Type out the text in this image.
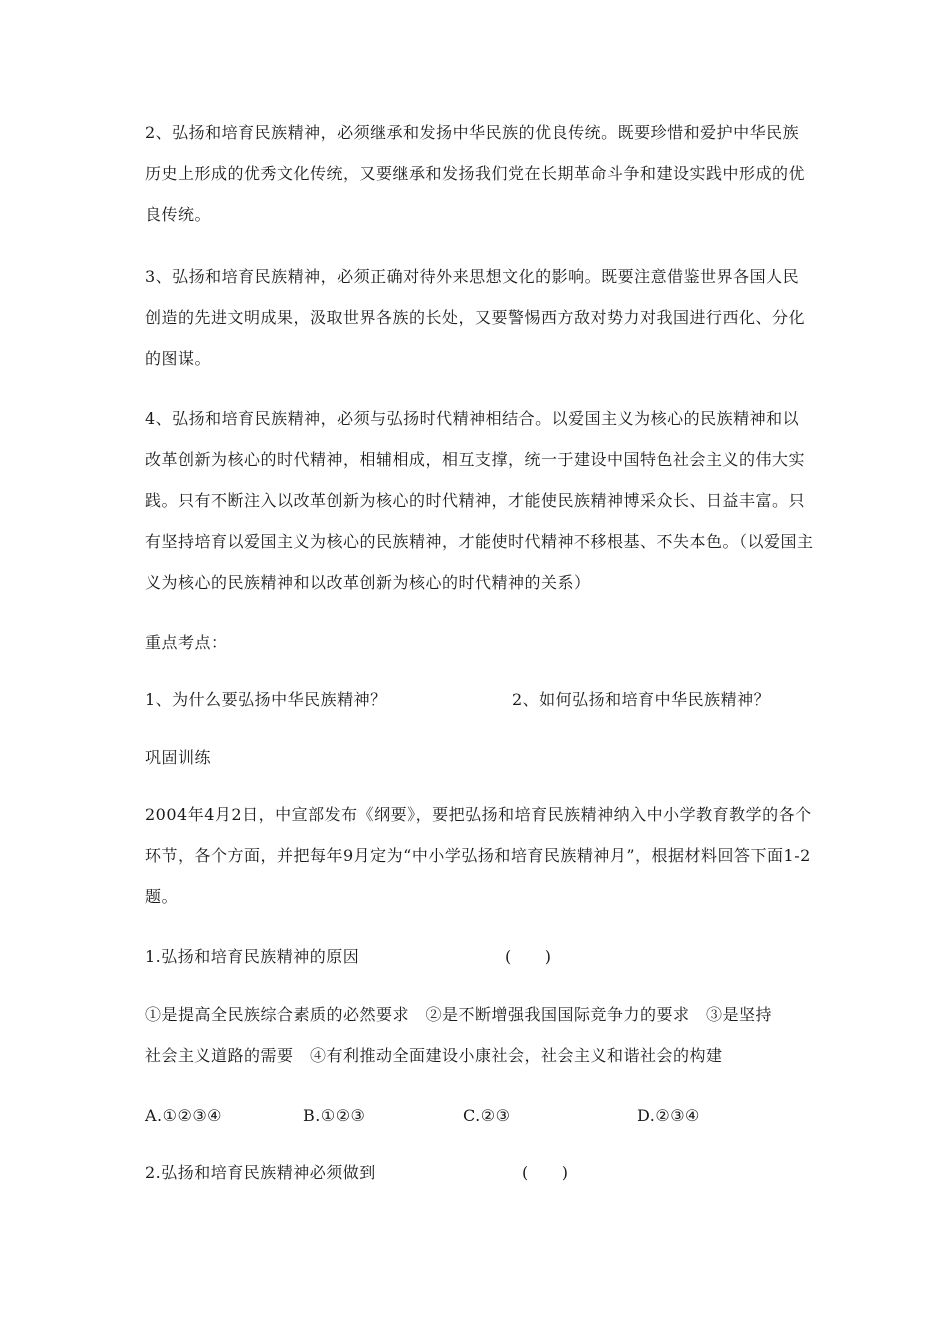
2、弘扬和培育民族精神，必须继承和发扬中华民族的优良传统。既要珍惜和爱护中华民族历史上形成的优秀文化传统，又要继承和发扬我们党在长期革命斗争和建设实践中形成的优良传统。

3、弘扬和培育民族精神，必须正确对待外来思想文化的影响。既要注意借鉴世界各国人民创造的先进文明成果，汲取世界各族的长处，又要警惕西方敌对势力对我国进行西化、分化的图谋。

4、弘扬和培育民族精神，必须与弘扬时代精神相结合。以爱国主义为核心的民族精神和以改革创新为核心的时代精神，相辅相成，相互支撑，统一于建设中国特色社会主义的伟大实践。只有不断注入以改革创新为核心的时代精神，才能使民族精神博采众长、日益丰富。只有坚持培育以爱国主义为核心的民族精神，才能使时代精神不移根基、不失本色。（以爱国主义为核心的民族精神和以改革创新为核心的时代精神的关系）

重点考点：
1、为什么要弘扬中华民族精神？	2、如何弘扬和培育中华民族精神？
巩固训练

2004年4月2日，中宣部发布《纲要》，要把弘扬和培育民族精神纳入中小学教育教学的各个环节，各个方面，并把每年9月定为“中小学弘扬和培育民族精神月”，根据材料回答下面1-2题。

1.弘扬和培育民族精神的原因	(　　)
①是提高全民族综合素质的必然要求　②是不断增强我国国际竞争力的要求　③是坚持
社会主义道路的需要　④有利推动全面建设小康社会，社会主义和谐社会的构建
A.①②③④	B.①②③	C.②③	D.②③④
2.弘扬和培育民族精神必须做到	(　　)
